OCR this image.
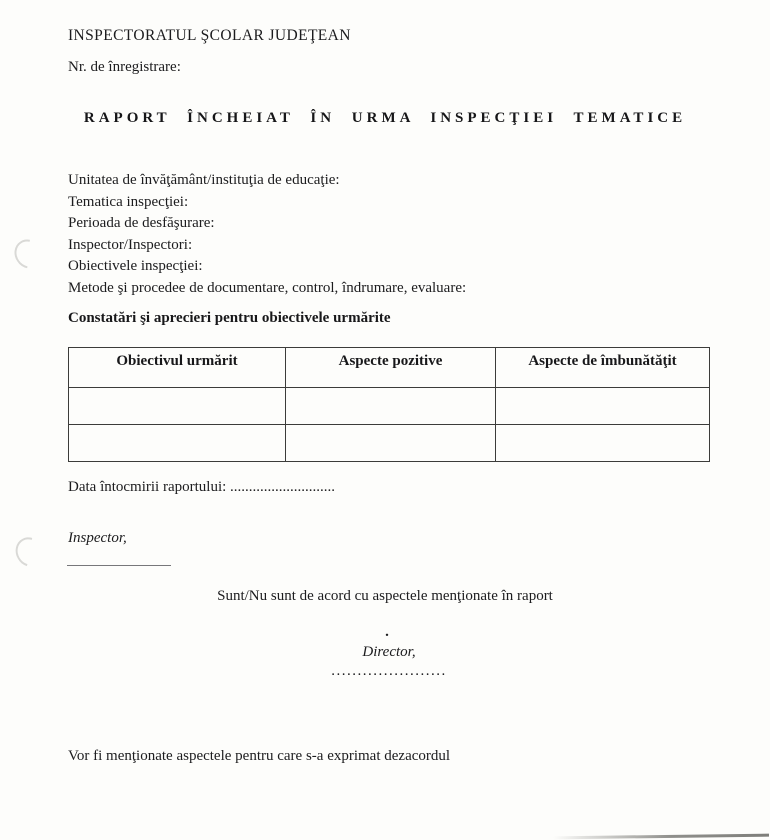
INSPECTORATUL ŞCOLAR JUDEŢEAN
Nr. de înregistrare:
RAPORT ÎNCHEIAT ÎN URMA INSPECŢIEI TEMATICE
Unitatea de învăţământ/instituţia de educaţie:
Tematica inspecţiei:
Perioada de desfăşurare:
Inspector/Inspectori:
Obiectivele inspecţiei:
Metode şi procedee de documentare, control, îndrumare, evaluare:
Constatări şi aprecieri pentru obiectivele urmărite
Obiectivul urmărit	Aspecte pozitive	Aspecte de îmbunătăţit

Data întocmirii raportului: ............................
Inspector,
Sunt/Nu sunt de acord cu aspectele menţionate în raport
.
Director,
......................
Vor fi menţionate aspectele pentru care s-a exprimat dezacordul
